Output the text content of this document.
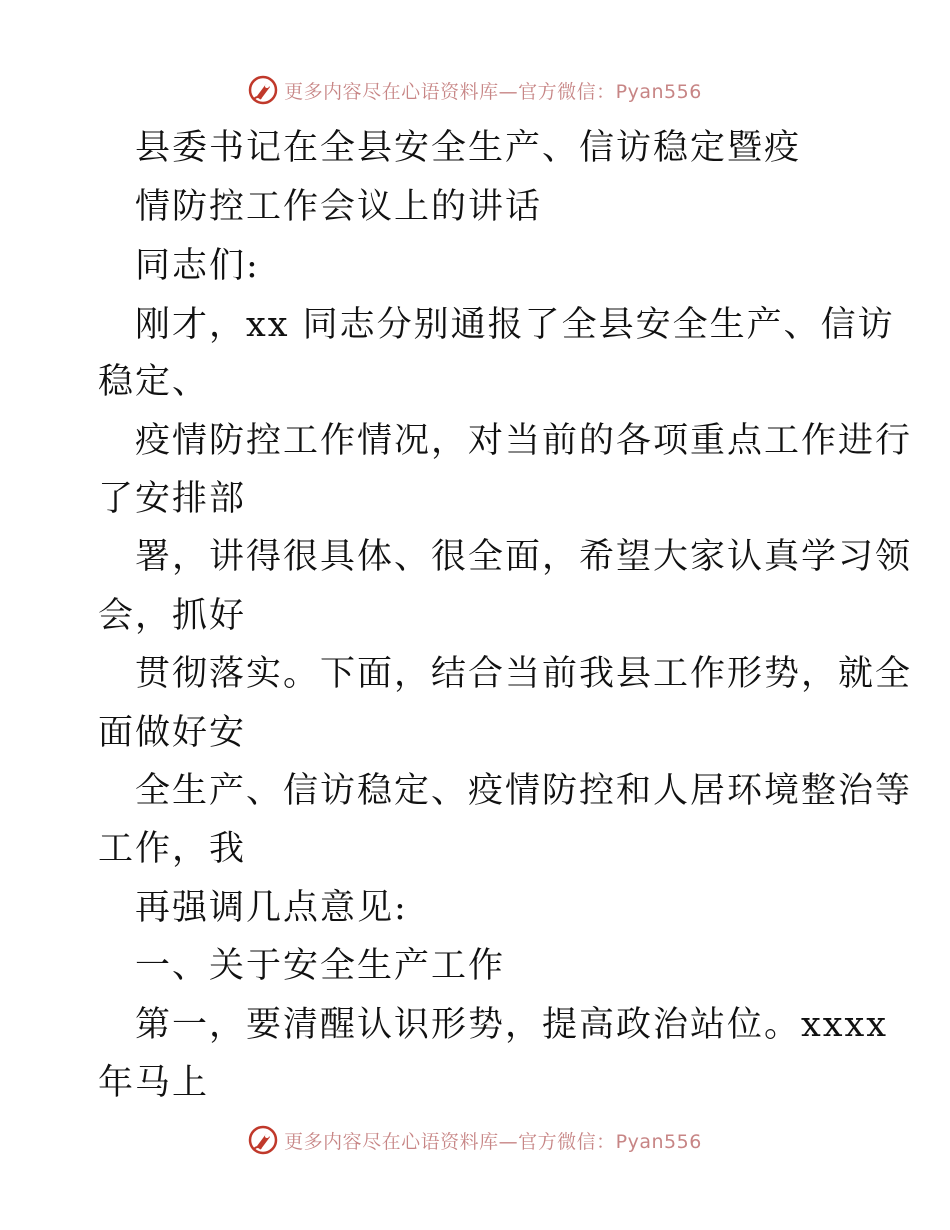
更多内容尽在心语资料库—官方微信：Pyan556
县委书记在全县安全生产、信访稳定暨疫
情防控工作会议上的讲话
同志们:
刚才，xx 同志分别通报了全县安全生产、信访
稳定、
疫情防控工作情况，对当前的各项重点工作进行
了安排部
署，讲得很具体、很全面，希望大家认真学习领
会，抓好
贯彻落实。下面，结合当前我县工作形势，就全
面做好安
全生产、信访稳定、疫情防控和人居环境整治等
工作，我
再强调几点意见:
一、关于安全生产工作
第一，要清醒认识形势，提高政治站位。xxxx
年马上
更多内容尽在心语资料库—官方微信：Pyan556
